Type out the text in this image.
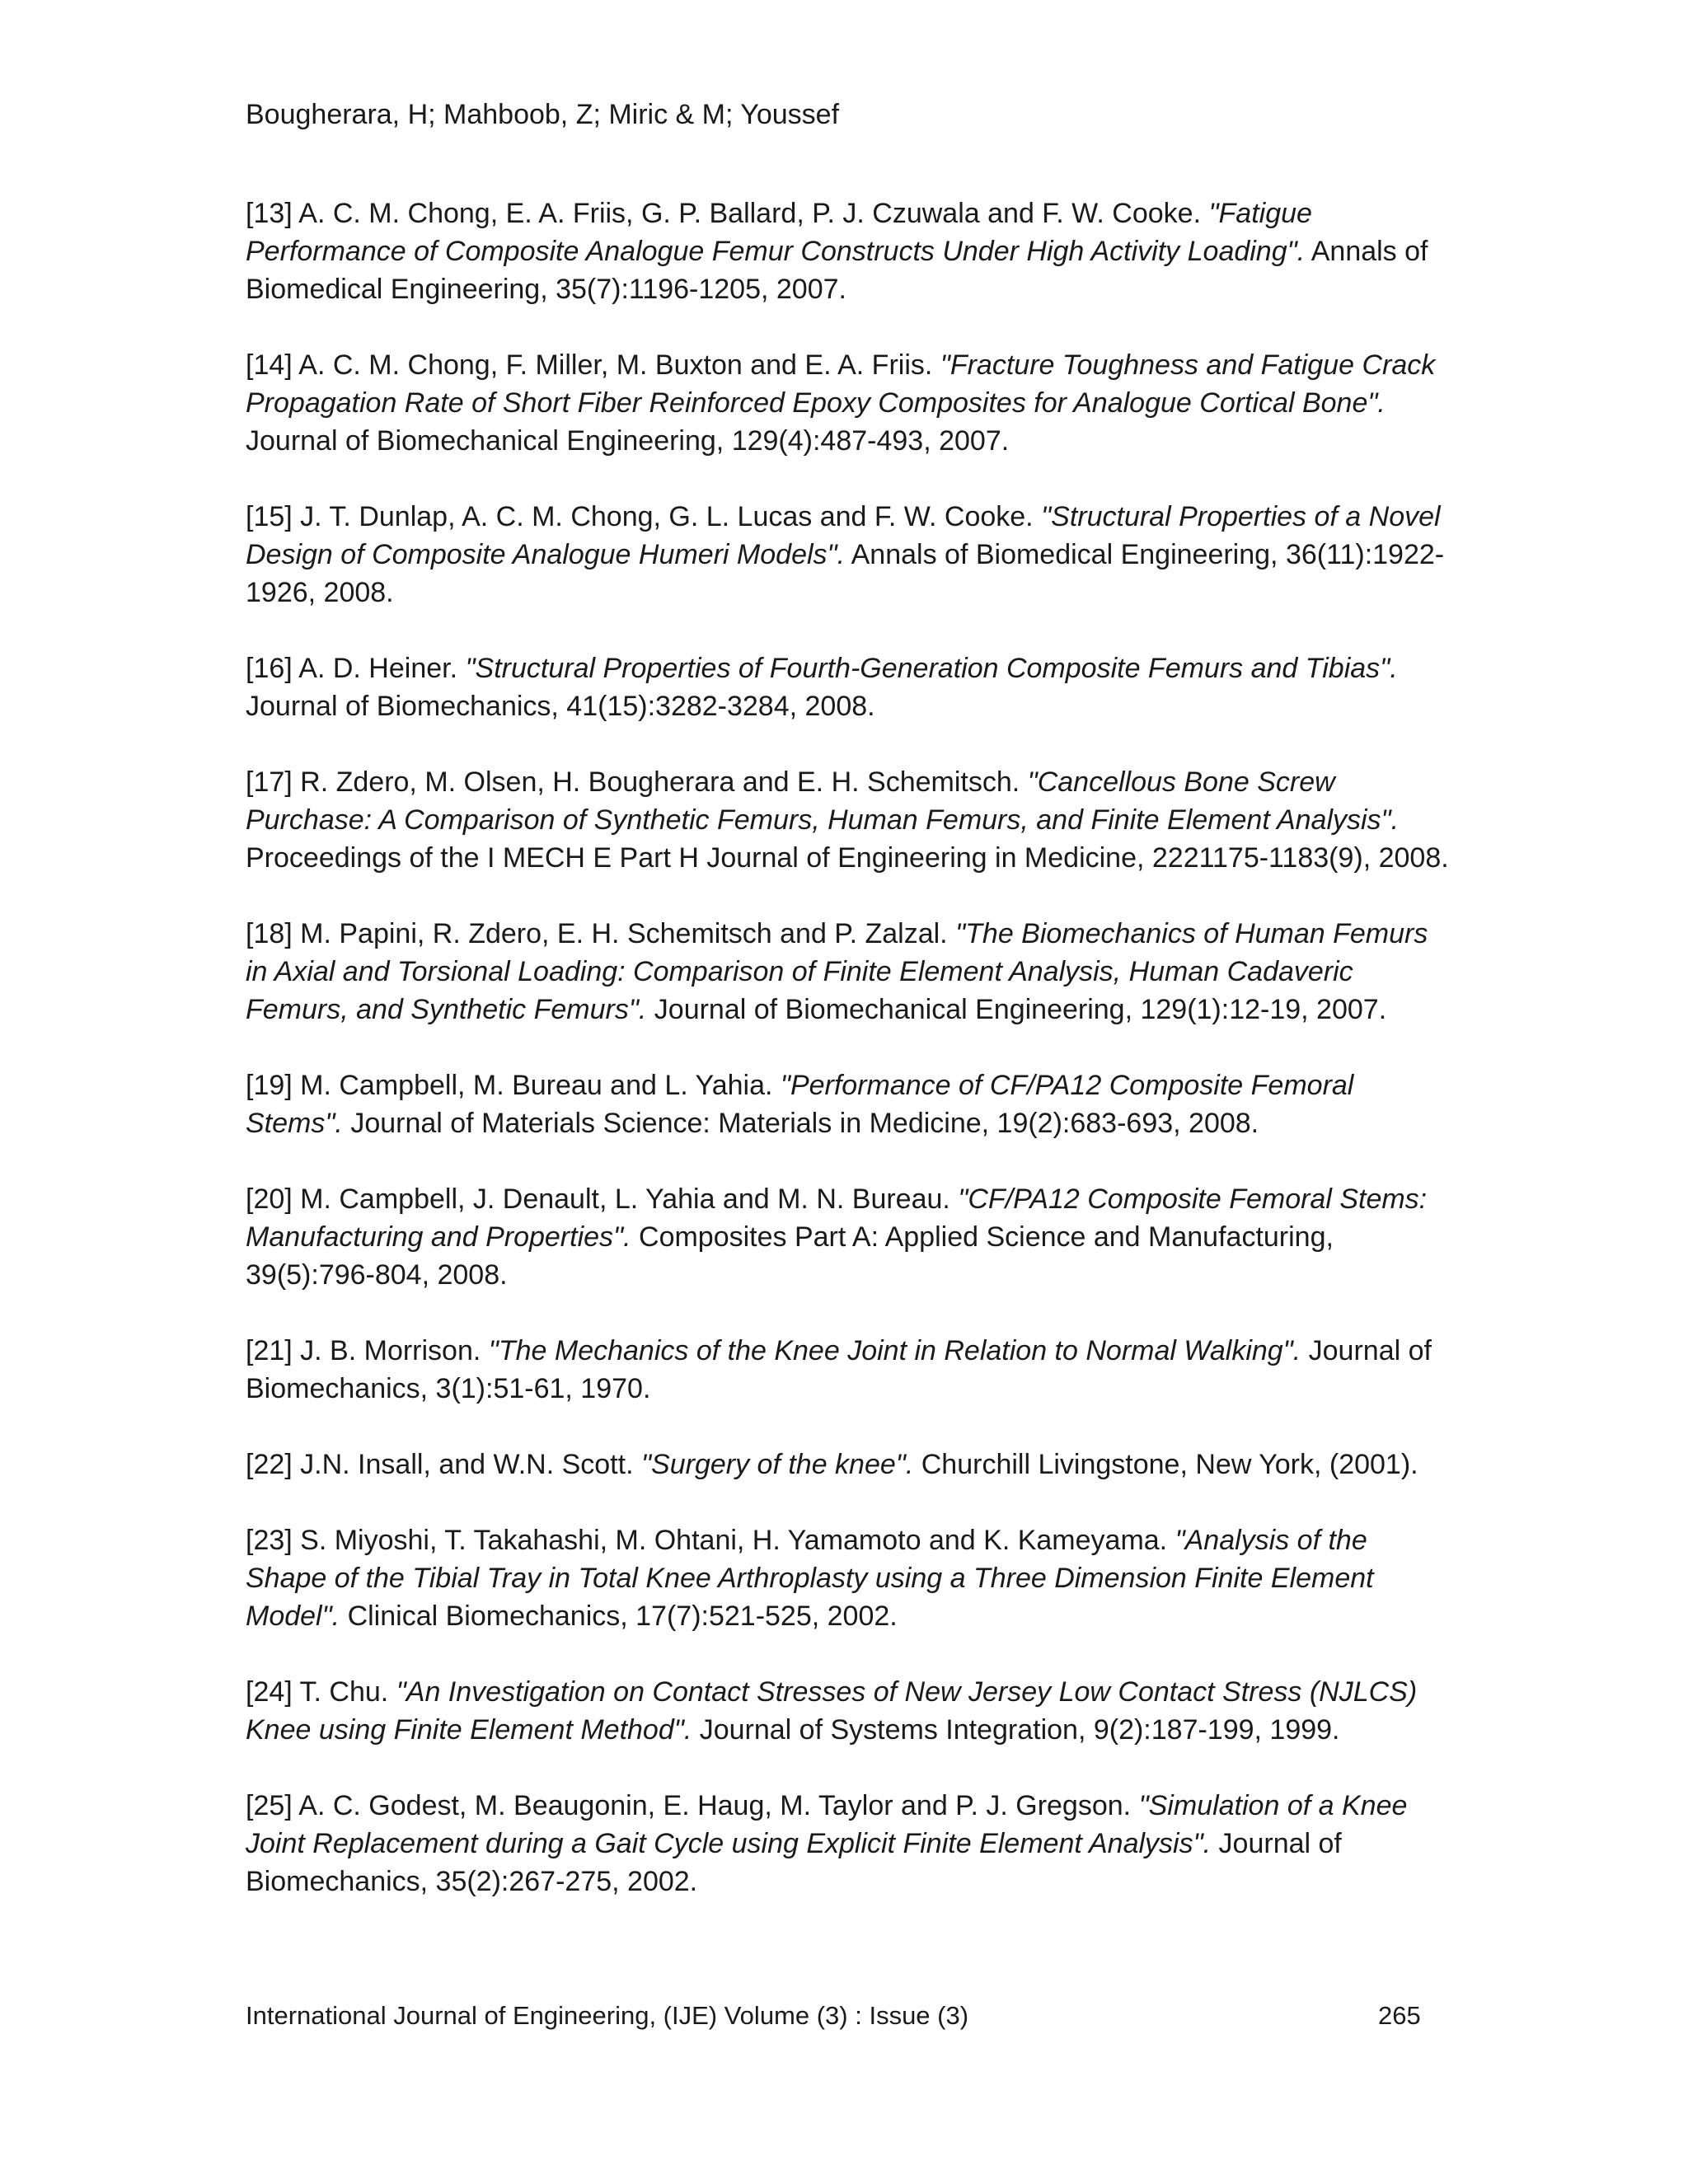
Bougherara, H; Mahboob, Z; Miric & M; Youssef

[13] A. C. M. Chong, E. A. Friis, G. P. Ballard, P. J. Czuwala and F. W. Cooke. "Fatigue
Performance of Composite Analogue Femur Constructs Under High Activity Loading". Annals of
Biomedical Engineering, 35(7):1196-1205, 2007.

[14] A. C. M. Chong, F. Miller, M. Buxton and E. A. Friis. "Fracture Toughness and Fatigue Crack
Propagation Rate of Short Fiber Reinforced Epoxy Composites for Analogue Cortical Bone".
Journal of Biomechanical Engineering, 129(4):487-493, 2007.

[15] J. T. Dunlap, A. C. M. Chong, G. L. Lucas and F. W. Cooke. "Structural Properties of a Novel
Design of Composite Analogue Humeri Models". Annals of Biomedical Engineering, 36(11):1922-
1926, 2008.

[16] A. D. Heiner. "Structural Properties of Fourth-Generation Composite Femurs and Tibias".
Journal of Biomechanics, 41(15):3282-3284, 2008.

[17] R. Zdero, M. Olsen, H. Bougherara and E. H. Schemitsch. "Cancellous Bone Screw
Purchase: A Comparison of Synthetic Femurs, Human Femurs, and Finite Element Analysis".
Proceedings of the I MECH E Part H Journal of Engineering in Medicine, 2221175-1183(9), 2008.

[18] M. Papini, R. Zdero, E. H. Schemitsch and P. Zalzal. "The Biomechanics of Human Femurs
in Axial and Torsional Loading: Comparison of Finite Element Analysis, Human Cadaveric
Femurs, and Synthetic Femurs". Journal of Biomechanical Engineering, 129(1):12-19, 2007.

[19] M. Campbell, M. Bureau and L. Yahia. "Performance of CF/PA12 Composite Femoral
Stems". Journal of Materials Science: Materials in Medicine, 19(2):683-693, 2008.

[20] M. Campbell, J. Denault, L. Yahia and M. N. Bureau. "CF/PA12 Composite Femoral Stems:
Manufacturing and Properties". Composites Part A: Applied Science and Manufacturing,
39(5):796-804, 2008.

[21] J. B. Morrison. "The Mechanics of the Knee Joint in Relation to Normal Walking". Journal of
Biomechanics, 3(1):51-61, 1970.

[22] J.N. Insall, and W.N. Scott. "Surgery of the knee". Churchill Livingstone, New York, (2001).

[23] S. Miyoshi, T. Takahashi, M. Ohtani, H. Yamamoto and K. Kameyama. "Analysis of the
Shape of the Tibial Tray in Total Knee Arthroplasty using a Three Dimension Finite Element
Model". Clinical Biomechanics, 17(7):521-525, 2002.

[24] T. Chu. "An Investigation on Contact Stresses of New Jersey Low Contact Stress (NJLCS)
Knee using Finite Element Method". Journal of Systems Integration, 9(2):187-199, 1999.

[25] A. C. Godest, M. Beaugonin, E. Haug, M. Taylor and P. J. Gregson. "Simulation of a Knee
Joint Replacement during a Gait Cycle using Explicit Finite Element Analysis". Journal of
Biomechanics, 35(2):267-275, 2002.

International Journal of Engineering, (IJE) Volume (3) : Issue (3)	265
